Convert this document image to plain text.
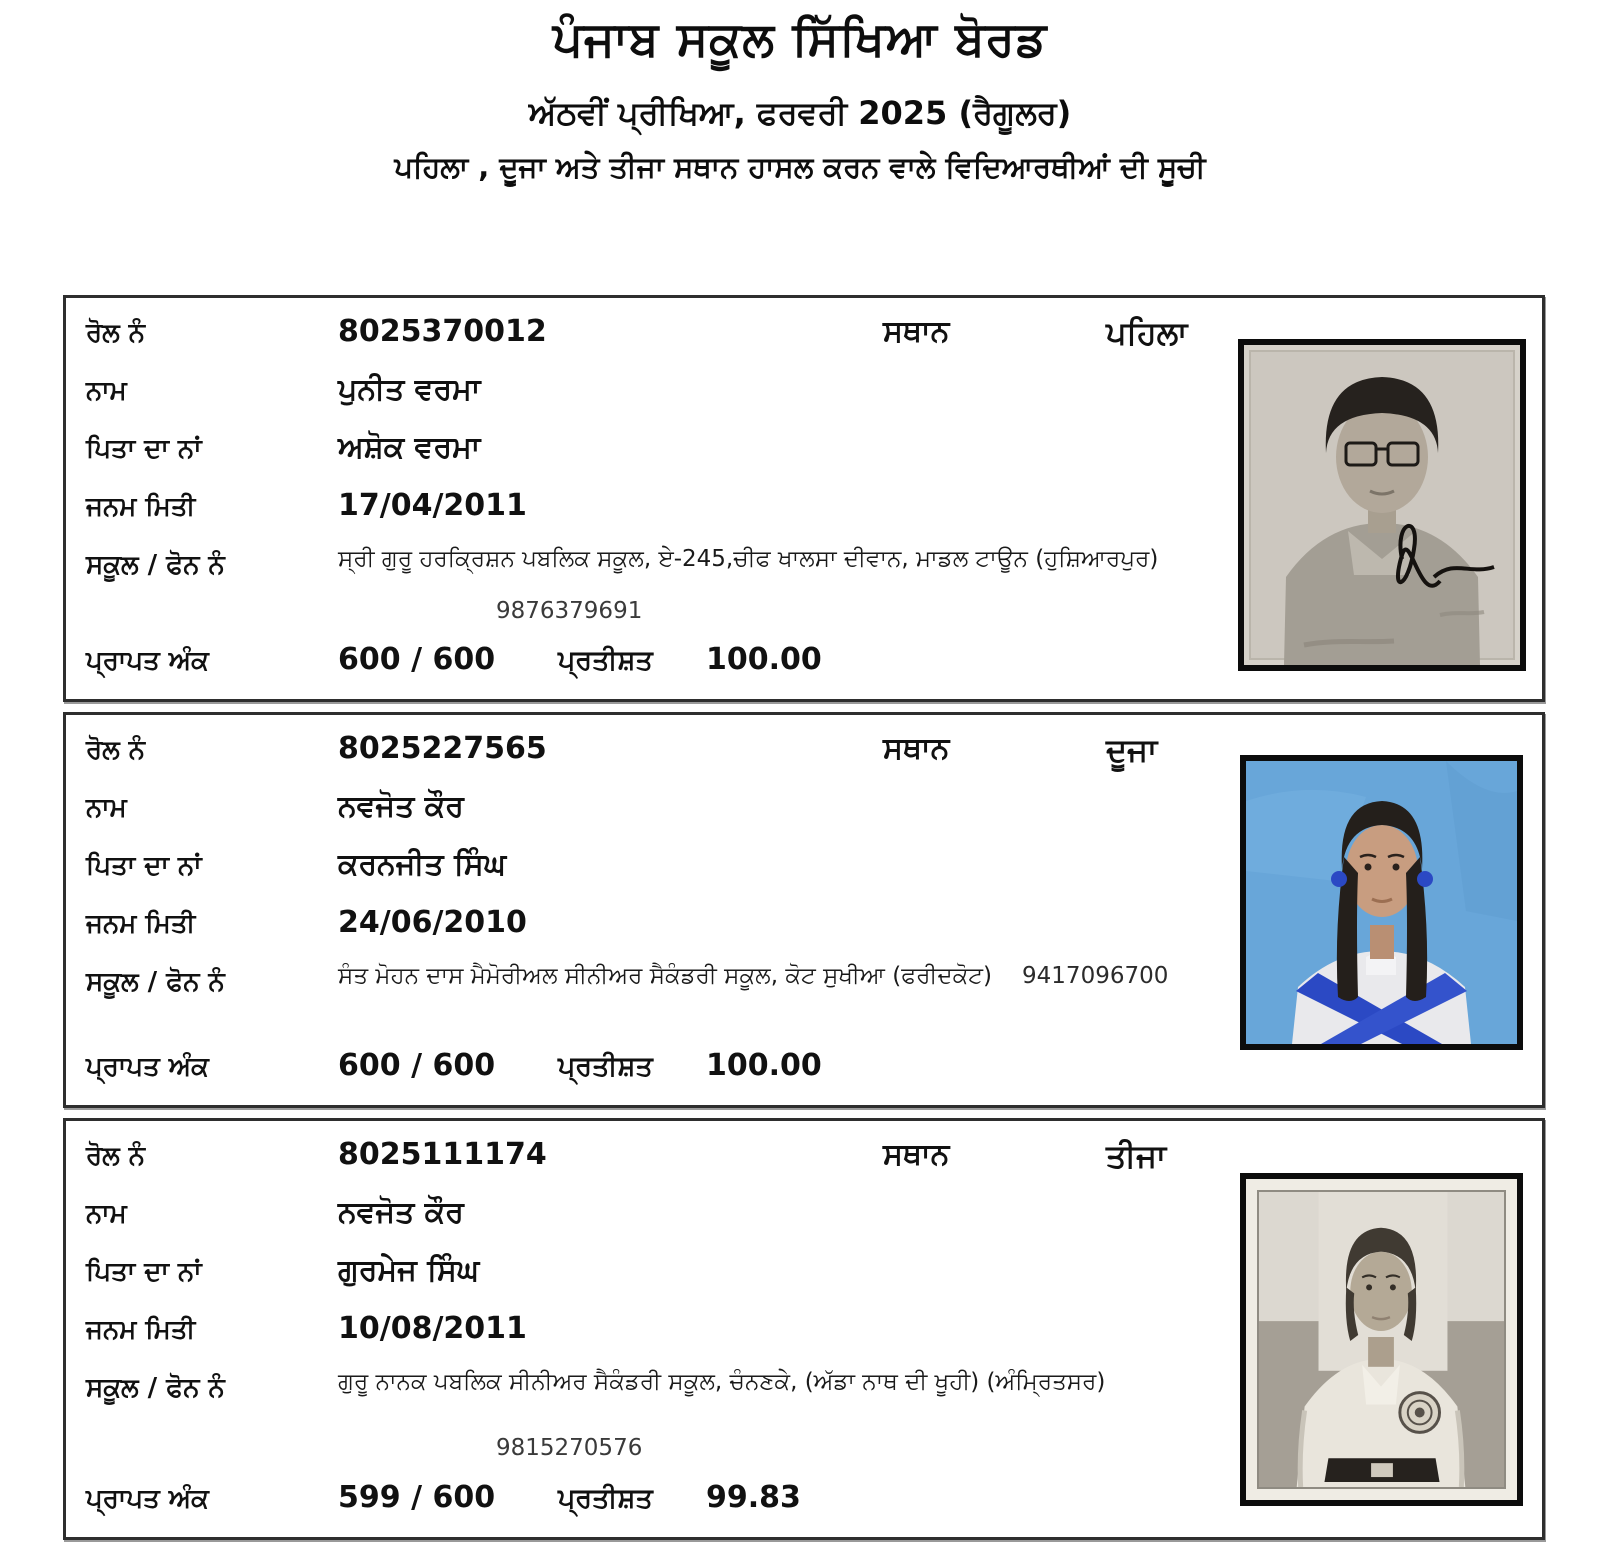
ਪੰਜਾਬ ਸਕੂਲ ਸਿੱਖਿਆ ਬੋਰਡ
ਅੱਠਵੀਂ ਪ੍ਰੀਖਿਆ, ਫਰਵਰੀ 2025 (ਰੈਗੂਲਰ)
ਪਹਿਲਾ , ਦੂਜਾ ਅਤੇ ਤੀਜਾ ਸਥਾਨ ਹਾਸਲ ਕਰਨ ਵਾਲੇ ਵਿਦਿਆਰਥੀਆਂ ਦੀ ਸੂਚੀ
ਰੋਲ ਨੰ	8025370012	ਸਥਾਨ	ਪਹਿਲਾ
ਨਾਮ	ਪੁਨੀਤ ਵਰਮਾ
ਪਿਤਾ ਦਾ ਨਾਂ	ਅਸ਼ੋਕ ਵਰਮਾ
ਜਨਮ ਮਿਤੀ	17/04/2011
ਸਕੂਲ / ਫੋਨ ਨੰ	ਸ੍ਰੀ ਗੁਰੂ ਹਰਕ੍ਰਿਸ਼ਨ ਪਬਲਿਕ ਸਕੂਲ, ਏ-245,ਚੀਫ ਖਾਲਸਾ ਦੀਵਾਨ, ਮਾਡਲ ਟਾਊਨ (ਹੁਸ਼ਿਆਰਪੁਰ)
9876379691
ਪ੍ਰਾਪਤ ਅੰਕ	600 / 600 ਪ੍ਰਤੀਸ਼ਤ 100.00
ਰੋਲ ਨੰ	8025227565	ਸਥਾਨ	ਦੂਜਾ
ਨਾਮ	ਨਵਜੋਤ ਕੌਰ
ਪਿਤਾ ਦਾ ਨਾਂ	ਕਰਨਜੀਤ ਸਿੰਘ
ਜਨਮ ਮਿਤੀ	24/06/2010
ਸਕੂਲ / ਫੋਨ ਨੰ	ਸੰਤ ਮੋਹਨ ਦਾਸ ਮੈਮੋਰੀਅਲ ਸੀਨੀਅਰ ਸੈਕੰਡਰੀ ਸਕੂਲ, ਕੋਟ ਸੁਖੀਆ (ਫਰੀਦਕੋਟ) 9417096700
ਪ੍ਰਾਪਤ ਅੰਕ	600 / 600 ਪ੍ਰਤੀਸ਼ਤ 100.00
ਰੋਲ ਨੰ	8025111174	ਸਥਾਨ	ਤੀਜਾ
ਨਾਮ	ਨਵਜੋਤ ਕੌਰ
ਪਿਤਾ ਦਾ ਨਾਂ	ਗੁਰਮੇਜ ਸਿੰਘ
ਜਨਮ ਮਿਤੀ	10/08/2011
ਸਕੂਲ / ਫੋਨ ਨੰ	ਗੁਰੂ ਨਾਨਕ ਪਬਲਿਕ ਸੀਨੀਅਰ ਸੈਕੰਡਰੀ ਸਕੂਲ, ਚੰਨਣਕੇ, (ਅੱਡਾ ਨਾਥ ਦੀ ਖੂਹੀ) (ਅੰਮ੍ਰਿਤਸਰ)
9815270576
ਪ੍ਰਾਪਤ ਅੰਕ	599 / 600 ਪ੍ਰਤੀਸ਼ਤ 99.83
